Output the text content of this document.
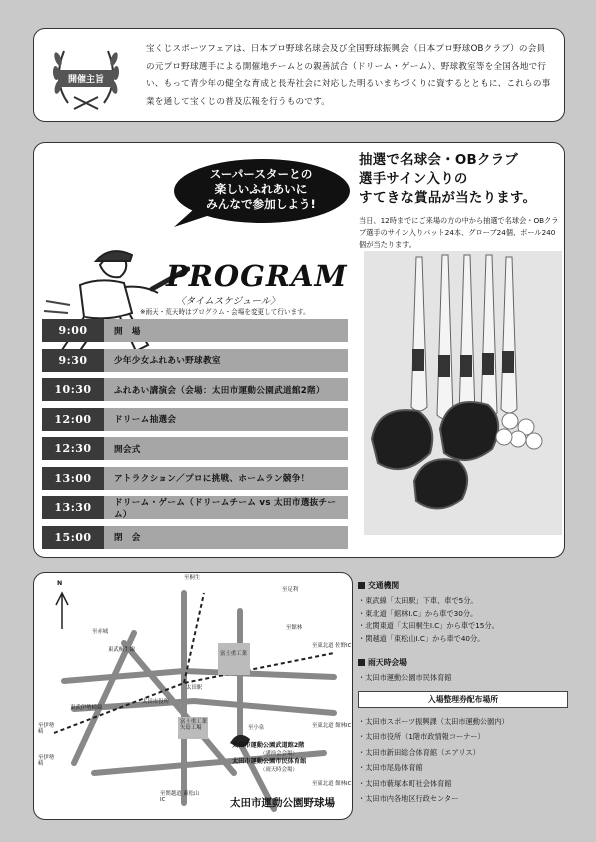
開催主旨
宝くじスポーツフェアは、日本プロ野球名球会及び全国野球振興会（日本プロ野球OBクラブ）の会員の元プロ野球選手による開催地チームとの親善試合（ドリーム・ゲーム）、野球教室等を全国各地で行い、もって青少年の健全な育成と長寿社会に対応した明るいまちづくりに資するとともに、これらの事業を通して宝くじの普及広報を行うものです。
スーパースターとの
楽しいふれあいに
みんなで参加しよう!
PROGRAM
〈タイムスケジュール〉
※雨天・荒天時はプログラム・会場を変更して行います。
9:00	開　場
9:30	少年少女ふれあい野球教室
10:30	ふれあい講演会（会場：太田市運動公園武道館2階）
12:00	ドリーム抽選会
12:30	開会式
13:00	アトラクション／プロに挑戦、ホームラン競争！
13:30	ドリーム・ゲーム（ドリームチーム vs 太田市選抜チーム）
15:00	閉　会
抽選で名球会・OBクラブ
選手サイン入りの
すてきな賞品が当たります。
当日、12時までにご来場の方の中から抽選で名球会・OBクラブ選手のサイン入りバット24本、グローブ24個、ボール240個が当たります。
N
至桐生
至足利
至赤城
至館林
富士重工業
至東北道 佐野IC
太田駅
太田市役所
富士重工業 矢島工場
至伊勢崎
至伊勢崎
至小泉	至東北道 館林IC
太田市運動公園武道館2階
（講演会会場）
太田市運動公園市民体育館
（雨天時会場）
至関越道 東松山IC
至東北道 館林IC
東武伊勢崎線
東武桐生線
太田市運動公園野球場
交通機関
・東武線「太田駅」下車、車で5分。
・東北道「館林I.C」から車で30分。
・北関東道「太田桐生I.C」から車で15分。
・関越道「東松山I.C」から車で40分。
雨天時会場
・太田市運動公園市民体育館
入場整理券配布場所
・太田市スポーツ振興課（太田市運動公園内）
・太田市役所（1階市政情報コーナー）
・太田市新田総合体育館（エアリス）
・太田市尾島体育館
・太田市薮塚本町社会体育館
・太田市内各地区行政センター
